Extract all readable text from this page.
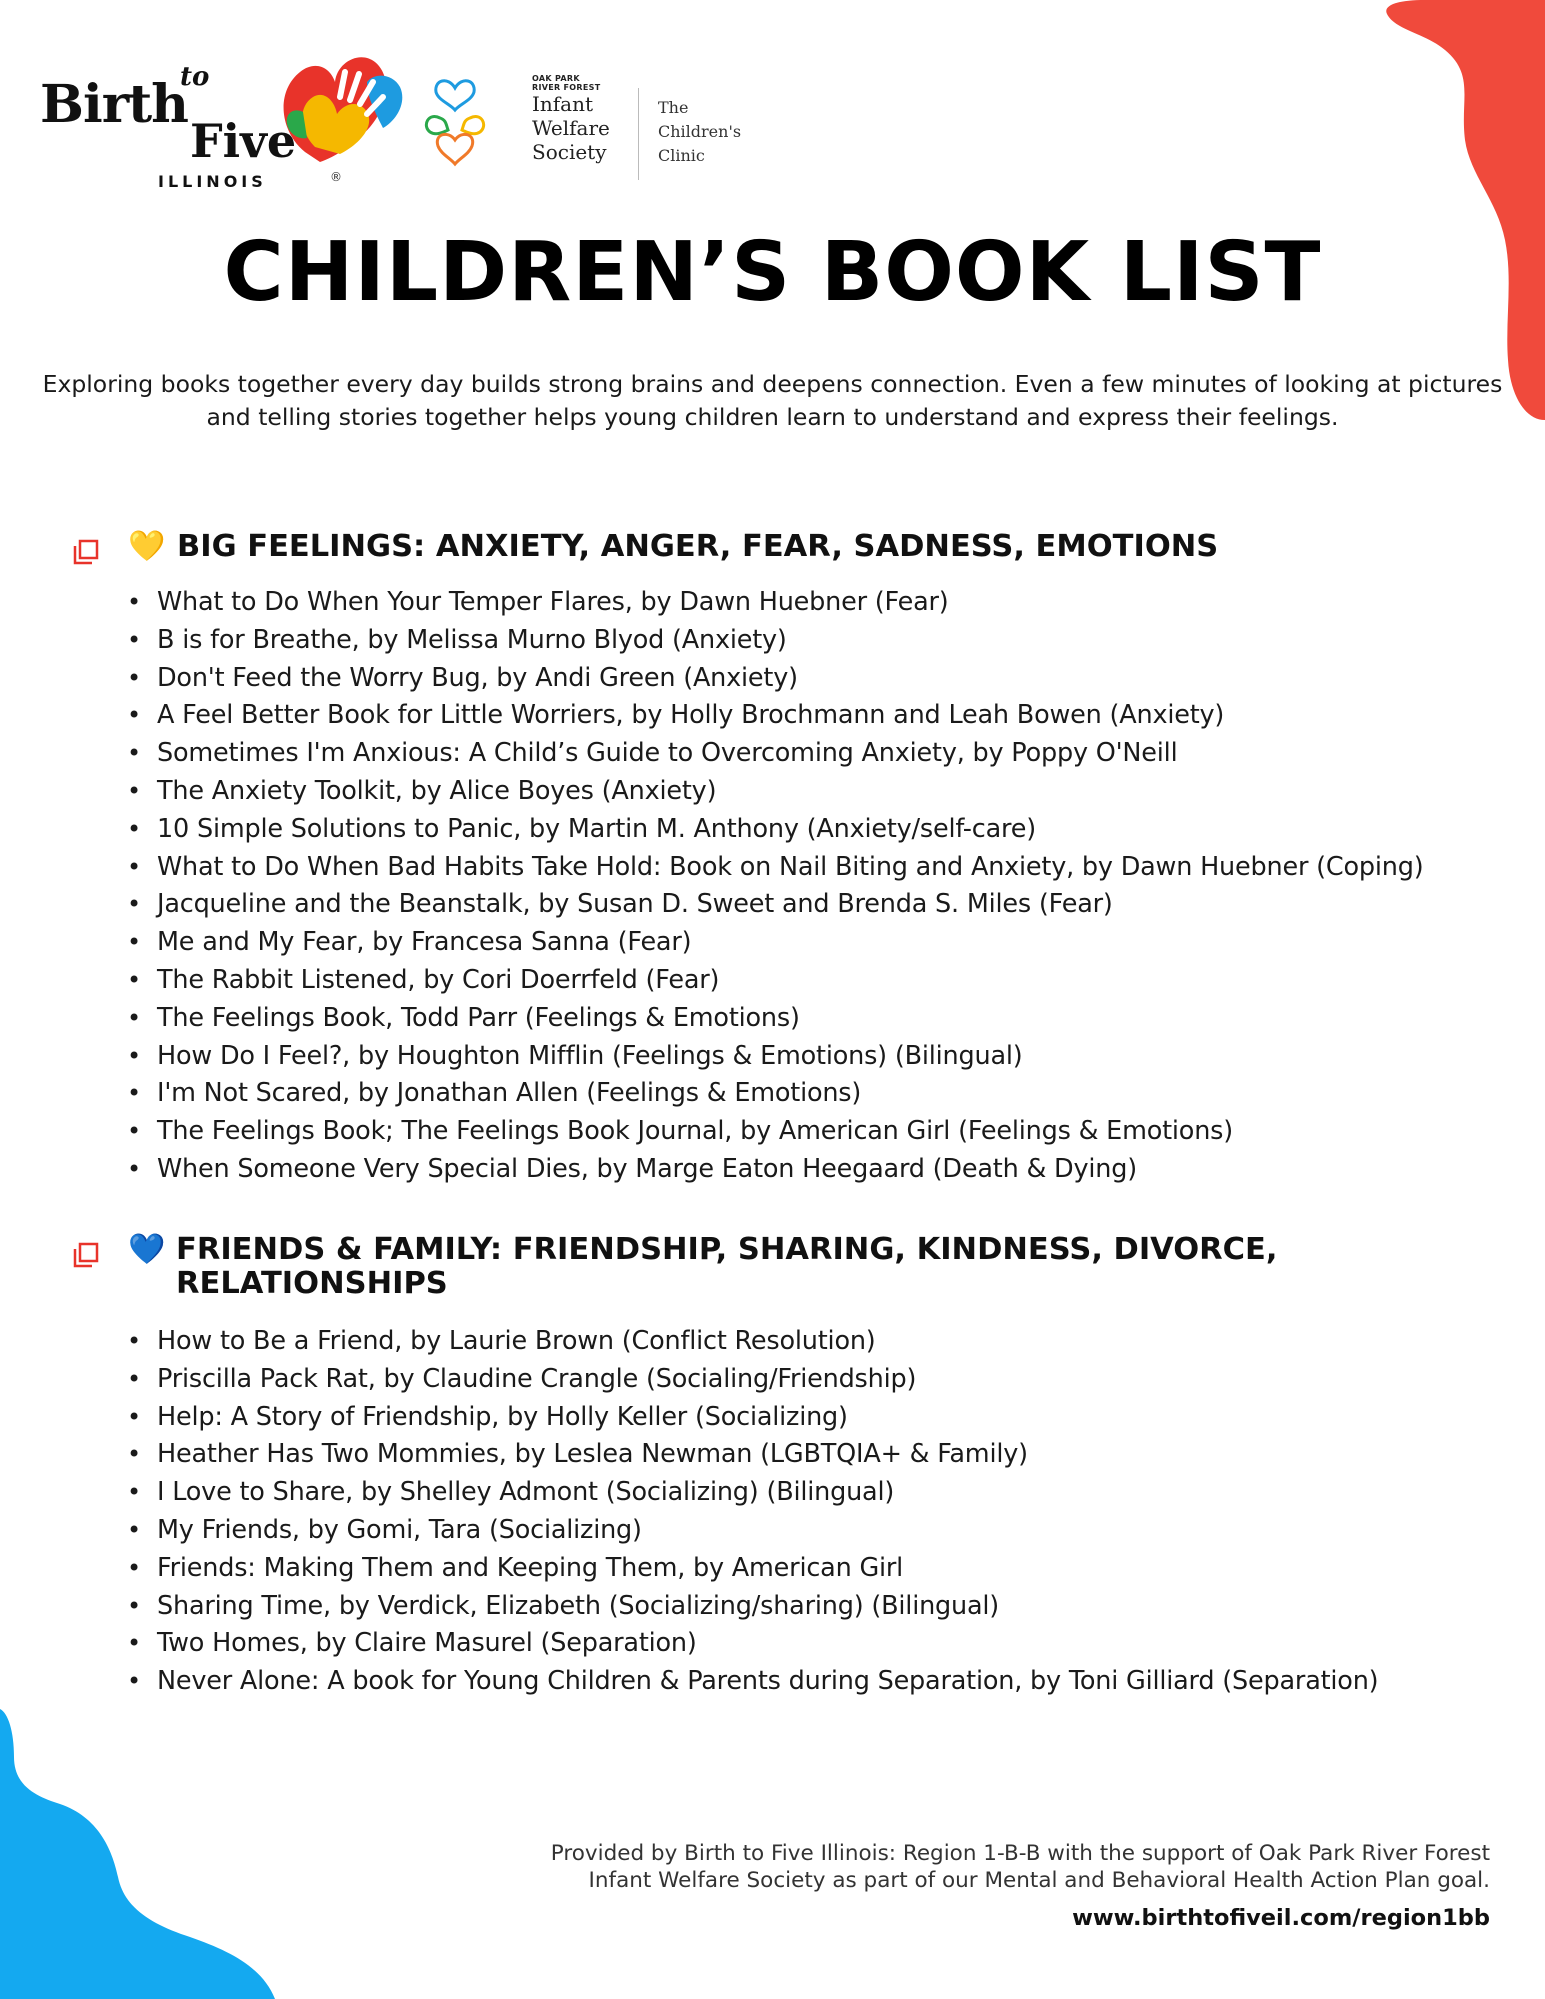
Birth
to
Five
ILLINOIS	®
OAK PARK
RIVER FOREST
Infant
Welfare
Society
The
Children's
Clinic
CHILDREN’S BOOK LIST

Exploring books together every day builds strong brains and deepens connection. Even a few minutes of looking at pictures and telling stories together helps young children learn to understand and express their feelings.

💛 BIG FEELINGS: ANXIETY, ANGER, FEAR, SADNESS, EMOTIONS
• What to Do When Your Temper Flares, by Dawn Huebner (Fear)
• B is for Breathe, by Melissa Murno Blyod (Anxiety)
• Don't Feed the Worry Bug, by Andi Green (Anxiety)
• A Feel Better Book for Little Worriers, by Holly Brochmann and Leah Bowen (Anxiety)
• Sometimes I'm Anxious: A Child’s Guide to Overcoming Anxiety, by Poppy O'Neill
• The Anxiety Toolkit, by Alice Boyes (Anxiety)
• 10 Simple Solutions to Panic, by Martin M. Anthony (Anxiety/self-care)
• What to Do When Bad Habits Take Hold: Book on Nail Biting and Anxiety, by Dawn Huebner (Coping)
• Jacqueline and the Beanstalk, by Susan D. Sweet and Brenda S. Miles (Fear)
• Me and My Fear, by Francesa Sanna (Fear)
• The Rabbit Listened, by Cori Doerrfeld (Fear)
• The Feelings Book, Todd Parr (Feelings & Emotions)
• How Do I Feel?, by Houghton Mifflin (Feelings & Emotions) (Bilingual)
• I'm Not Scared, by Jonathan Allen (Feelings & Emotions)
• The Feelings Book; The Feelings Book Journal, by American Girl (Feelings & Emotions)
• When Someone Very Special Dies, by Marge Eaton Heegaard (Death & Dying)
💙 FRIENDS & FAMILY: FRIENDSHIP, SHARING, KINDNESS, DIVORCE, RELATIONSHIPS
• How to Be a Friend, by Laurie Brown (Conflict Resolution)
• Priscilla Pack Rat, by Claudine Crangle (Socialing/Friendship)
• Help: A Story of Friendship, by Holly Keller (Socializing)
• Heather Has Two Mommies, by Leslea Newman (LGBTQIA+ & Family)
• I Love to Share, by Shelley Admont (Socializing) (Bilingual)
• My Friends, by Gomi, Tara (Socializing)
• Friends: Making Them and Keeping Them, by American Girl
• Sharing Time, by Verdick, Elizabeth (Socializing/sharing) (Bilingual)
• Two Homes, by Claire Masurel (Separation)
• Never Alone: A book for Young Children & Parents during Separation, by Toni Gilliard (Separation)

Provided by Birth to Five Illinois: Region 1-B-B with the support of Oak Park River Forest
Infant Welfare Society as part of our Mental and Behavioral Health Action Plan goal.

www.birthtofiveil.com/region1bb
